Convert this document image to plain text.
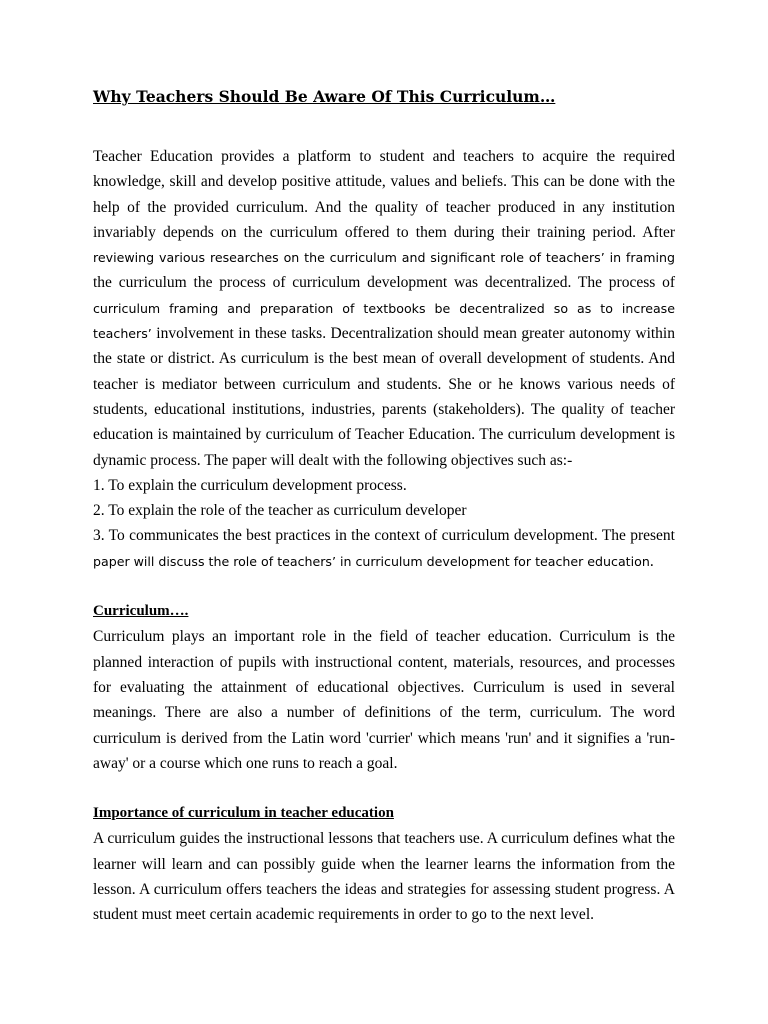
Why Teachers Should Be Aware Of This Curriculum…

Teacher Education provides a platform to student and teachers to acquire the required knowledge, skill and develop positive attitude, values and beliefs. This can be done with the help of the provided curriculum. And the quality of teacher produced in any institution invariably depends on the curriculum offered to them during their training period. After reviewing various researches on the curriculum and significant role of teachers’ in framing the curriculum the process of curriculum development was decentralized. The process of curriculum framing and preparation of textbooks be decentralized so as to increase teachers’ involvement in these tasks. Decentralization should mean greater autonomy within the state or district. As curriculum is the best mean of overall development of students. And teacher is mediator between curriculum and students. She or he knows various needs of students, educational institutions, industries, parents (stakeholders). The quality of teacher education is maintained by curriculum of Teacher Education. The curriculum development is dynamic process. The paper will dealt with the following objectives such as:-

1. To explain the curriculum development process.

2. To explain the role of the teacher as curriculum developer

3. To communicates the best practices in the context of curriculum development. The present paper will discuss the role of teachers’ in curriculum development for teacher education.

Curriculum….

Curriculum plays an important role in the field of teacher education. Curriculum is the planned interaction of pupils with instructional content, materials, resources, and processes for evaluating the attainment of educational objectives. Curriculum is used in several meanings. There are also a number of definitions of the term, curriculum. The word curriculum is derived from the Latin word 'currier' which means 'run' and it signifies a 'run-away' or a course which one runs to reach a goal.

Importance of curriculum in teacher education

A curriculum guides the instructional lessons that teachers use. A curriculum defines what the learner will learn and can possibly guide when the learner learns the information from the lesson. A curriculum offers teachers the ideas and strategies for assessing student progress. A student must meet certain academic requirements in order to go to the next level.
